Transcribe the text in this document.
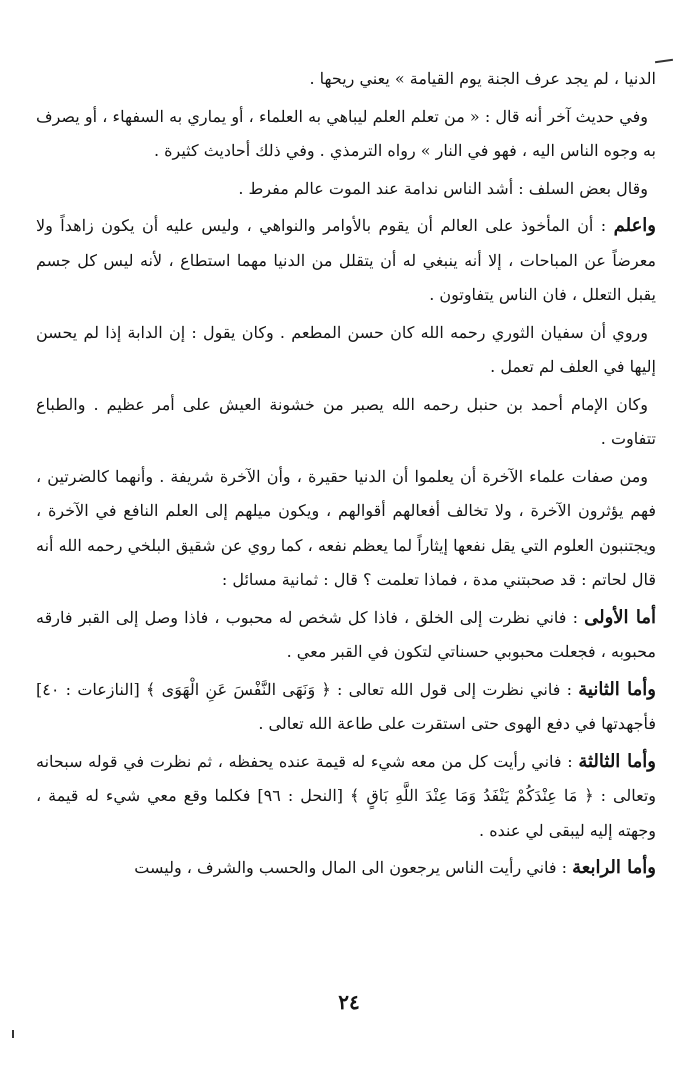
الدنيا ، لم يجد عرف الجنة يوم القيامة » يعني ريحها .

وفي حديث آخر أنه قال : « من تعلم العلم ليباهي به العلماء ، أو يماري به السفهاء ، أو يصرف به وجوه الناس اليه ، فهو في النار » رواه الترمذي . وفي ذلك أحاديث كثيرة .

وقال بعض السلف : أشد الناس ندامة عند الموت عالم مفرط .

واعلم : أن المأخوذ على العالم أن يقوم بالأوامر والنواهي ، وليس عليه أن يكون زاهداً ولا معرضاً عن المباحات ، إلا أنه ينبغي له أن يتقلل من الدنيا مهما استطاع ، لأنه ليس كل جسم يقبل التعلل ، فان الناس يتفاوتون .

وروي أن سفيان الثوري رحمه الله كان حسن المطعم . وكان يقول : إن الدابة إذا لم يحسن إليها في العلف لم تعمل .

وكان الإمام أحمد بن حنبل رحمه الله يصبر من خشونة العيش على أمر عظيم . والطباع تتفاوت .

ومن صفات علماء الآخرة أن يعلموا أن الدنيا حقيرة ، وأن الآخرة شريفة . وأنهما كالضرتين ، فهم يؤثرون الآخرة ، ولا تخالف أفعالهم أقوالهم ، ويكون ميلهم إلى العلم النافع في الآخرة ، ويجتنبون العلوم التي يقل نفعها إيثاراً لما يعظم نفعه ، كما روي عن شقيق البلخي رحمه الله أنه قال لحاتم : قد صحبتني مدة ، فماذا تعلمت ؟ قال : ثمانية مسائل :

أما الأولى : فاني نظرت إلى الخلق ، فاذا كل شخص له محبوب ، فاذا وصل إلى القبر فارقه محبوبه ، فجعلت محبوبي حسناتي لتكون في القبر معي .

وأما الثانية : فاني نظرت إلى قول الله تعالى : ﴿ وَنَهَى النَّفْسَ عَنِ الْهَوَى ﴾ [النازعات : ٤٠] فأجهدتها في دفع الهوى حتى استقرت على طاعة الله تعالى .

وأما الثالثة : فاني رأيت كل من معه شيء له قيمة عنده يحفظه ، ثم نظرت في قوله سبحانه وتعالى : ﴿ مَا عِنْدَكُمْ يَنْفَدُ وَمَا عِنْدَ اللَّهِ بَاقٍ ﴾ [النحل : ٩٦] فكلما وقع معي شيء له قيمة ، وجهته إليه ليبقى لي عنده .

وأما الرابعة : فاني رأيت الناس يرجعون الى المال والحسب والشرف ، وليست

٢٤
